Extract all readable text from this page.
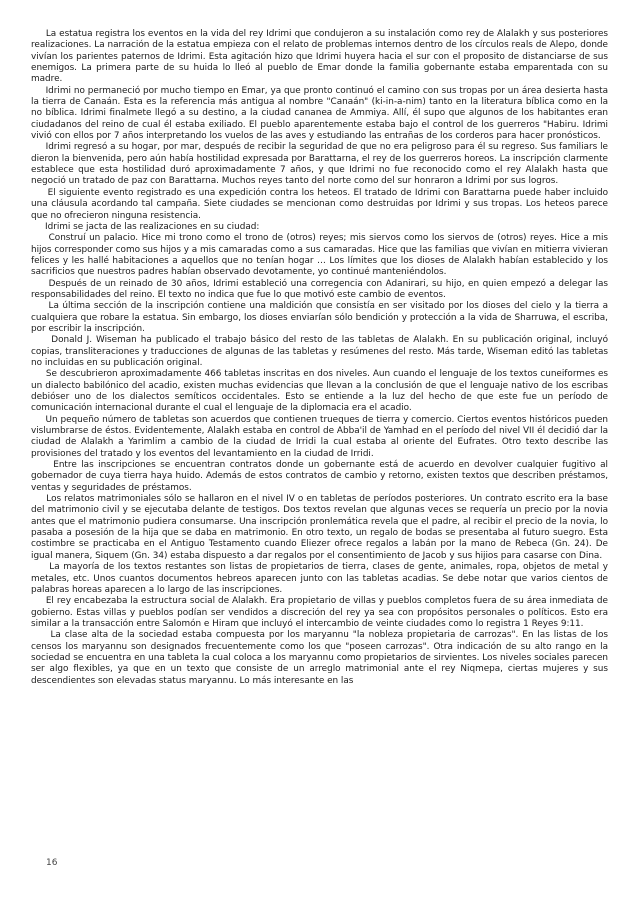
La estatua registra los eventos en la vida del rey Idrimi que condujeron a su instalación como rey de Alalakh y sus posteriores realizaciones. La narración de la estatua empieza con el relato de problemas internos dentro de los círculos reals de Alepo, donde vivían los parientes paternos de Idrimi. Esta agitación hizo que Idrimi huyera hacia el sur con el proposito de distanciarse de sus enemigos. La primera parte de su huida lo lleó al pueblo de Emar donde la familia gobernante estaba emparentada con su madre.

Idrimi no permaneció por mucho tiempo en Emar, ya que pronto continuó el camino con sus tropas por un área desierta hasta la tierra de Canaán. Esta es la referencia más antigua al nombre "Canaán" (ki-in-a-nim) tanto en la literatura bíblica como en la no bíblica. Idrimi finalmete llegó a su destino, a la ciudad cananea de Ammiya. Allí, él supo que algunos de los habitantes eran ciudadanos del reino de cual él estaba exiliado. El pueblo aparentemente estaba bajo el control de los guerreros "Habiru. Idrimi vivió con ellos por 7 años interpretando los vuelos de las aves y estudiando las entrañas de los corderos para hacer pronósticos.

Idrimi regresó a su hogar, por mar, después de recibir la seguridad de que no era peligroso para él su regreso. Sus familiars le dieron la bienvenida, pero aún había hostilidad expresada por Barattarna, el rey de los guerreros horeos. La inscripción clarmente establece que esta hostilidad duró aproximadamente 7 años, y que Idrimi no fue reconocido como el rey Alalakh hasta que negoció un tratado de paz con Barattarna. Muchos reyes tanto del norte como del sur honraron a Idrimi por sus logros.

El siguiente evento registrado es una expedición contra los heteos. El tratado de Idrimi con Barattarna puede haber incluido una cláusula acordando tal campaña. Siete ciudades se mencionan como destruidas por Idrimi y sus tropas. Los heteos parece que no ofrecieron ninguna resistencia.

Idrimi se jacta de las realizaciones en su ciudad:

Construí un palacio. Hice mi trono como el trono de (otros) reyes; mis siervos como los siervos de (otros) reyes. Hice a mis hijos corresponder como sus hijos y a mis camaradas como a sus camaradas. Hice que las familias que vivían en mitierra vivieran felices y les hallé habitaciones a aquellos que no tenían hogar … Los límites que los dioses de Alalakh habían establecido y los sacrificios que nuestros padres habían observado devotamente, yo continué manteniéndolos.

Después de un reinado de 30 años, Idrimi estableció una corregencia con Adanirari, su hijo, en quien empezó a delegar las responsabilidades del reino. El texto no indica que fue lo que motivó este cambio de eventos.

La última sección de la inscripción contiene una maldición que consistía en ser visitado por los dioses del cielo y la tierra a cualquiera que robare la estatua. Sin embargo, los dioses enviarían sólo bendición y protección a la vida de Sharruwa, el escriba, por escribir la inscripción.

Donald J. Wiseman ha publicado el trabajo básico del resto de las tabletas de Alalakh. En su publicación original, incluyó copias, transliteraciones y traducciones de algunas de las tabletas y resúmenes del resto. Más tarde, Wiseman editó las tabletas no incluidas en su publicación original.

Se descubrieron aproximadamente 466 tabletas inscritas en dos niveles. Aun cuando el lenguaje de los textos cuneiformes es un dialecto babilónico del acadio, existen muchas evidencias que llevan a la conclusión de que el lenguaje nativo de los escribas debióser uno de los dialectos semíticos occidentales. Esto se entiende a la luz del hecho de que este fue un período de comunicación internacional durante el cual el lenguaje de la diplomacia era el acadio.

Un pequeño número de tabletas son acuerdos que contienen trueques de tierra y comercio. Ciertos eventos históricos pueden vislumbrarse de éstos. Evidentemente, Alalakh estaba en control de Abba'il de Yamhad en el período del nivel VII él decidió dar la ciudad de Alalakh a Yarimlim a cambio de la ciudad de Irridi la cual estaba al oriente del Eufrates. Otro texto describe las provisiones del tratado y los eventos del levantamiento en la ciudad de Irridi.

Entre las inscripciones se encuentran contratos donde un gobernante está de acuerdo en devolver cualquier fugitivo al gobernador de cuya tierra haya huido. Además de estos contratos de cambio y retorno, existen textos que describen préstamos, ventas y seguridades de préstamos.

Los relatos matrimoniales sólo se hallaron en el nivel IV o en tabletas de períodos posteriores. Un contrato escrito era la base del matrimonio civil y se ejecutaba delante de testigos. Dos textos revelan que algunas veces se requería un precio por la novia antes que el matrimonio pudiera consumarse. Una inscripción pronlemática revela que el padre, al recibir el precio de la novia, lo pasaba a posesión de la hija que se daba en matrimonio. En otro texto, un regalo de bodas se presentaba al futuro suegro. Esta costimbre se practicaba en el Antiguo Testamento cuando Eliezer ofrece regalos a labán por la mano de Rebeca (Gn. 24). De igual manera, Siquem (Gn. 34) estaba dispuesto a dar regalos por el consentimiento de Jacob y sus hijios para casarse con Dina.

La mayoría de los textos restantes son listas de propietarios de tierra, clases de gente, animales, ropa, objetos de metal y metales, etc. Unos cuantos documentos hebreos aparecen junto con las tabletas acadias. Se debe notar que varios cientos de palabras horeas aparecen a lo largo de las inscripciones.

El rey encabezaba la estructura social de Alalakh. Era propietario de villas y pueblos completos fuera de su área inmediata de gobierno. Estas villas y pueblos podían ser vendidos a discreción del rey ya sea con propósitos personales o políticos. Esto era similar a la transacción entre Salomón e Hiram que incluyó el intercambio de veinte ciudades como lo registra 1 Reyes 9:11.

La clase alta de la sociedad estaba compuesta por los maryannu "la nobleza propietaria de carrozas". En las listas de los censos los maryannu son designados frecuentemente como los que "poseen carrozas". Otra indicación de su alto rango en la sociedad se encuentra en una tableta la cual coloca a los maryannu como propietarios de sirvientes. Los niveles sociales parecen ser algo flexibles, ya que en un texto que consiste de un arreglo matrimonial ante el rey Niqmepa, ciertas mujeres y sus descendientes son elevadas status maryannu. Lo más interesante en las

16
